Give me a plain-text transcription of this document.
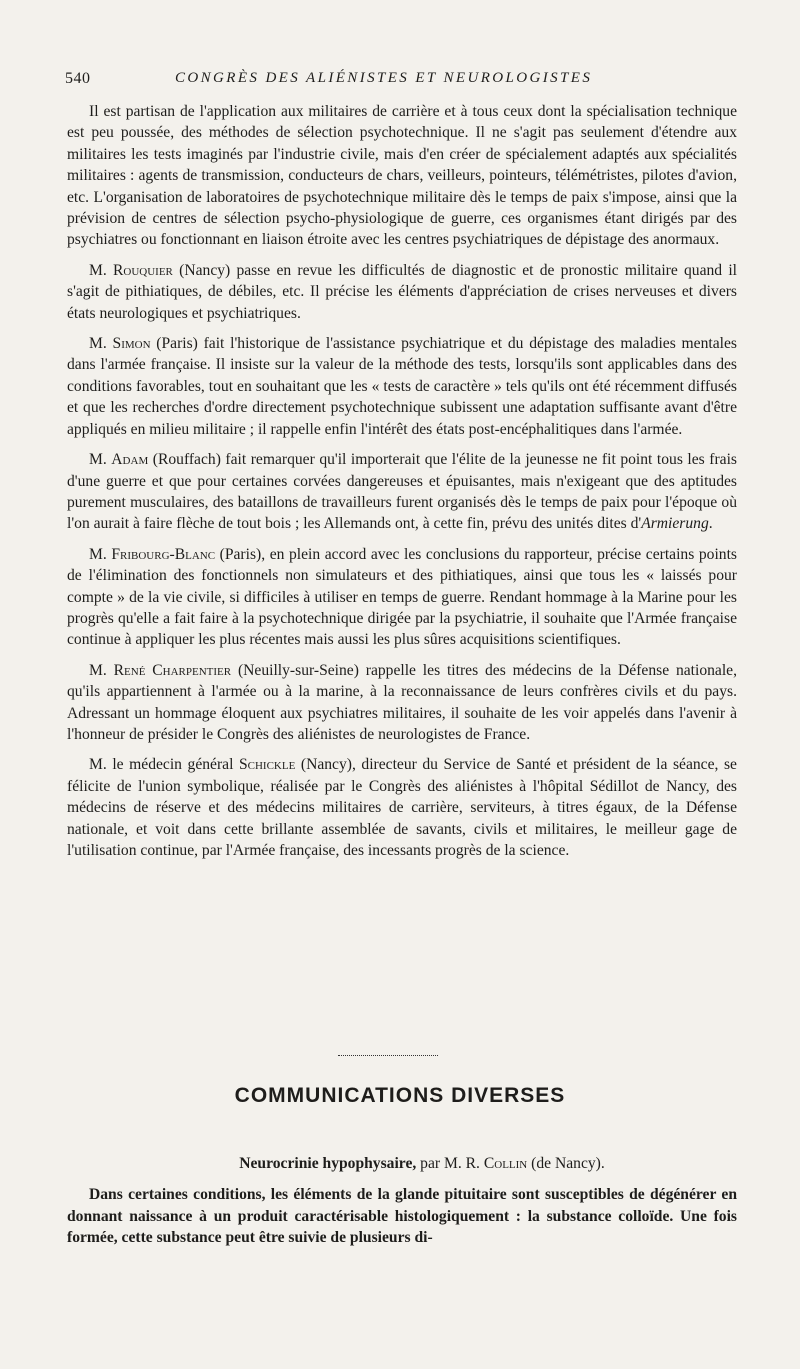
540	CONGRÈS DES ALIÉNISTES ET NEUROLOGISTES

Il est partisan de l'application aux militaires de carrière et à tous ceux dont la spécialisation technique est peu poussée, des méthodes de sélection psychotechnique. Il ne s'agit pas seulement d'étendre aux militaires les tests imaginés par l'industrie civile, mais d'en créer de spécialement adaptés aux spécialités militaires : agents de transmission, conducteurs de chars, veilleurs, pointeurs, télémétristes, pilotes d'avion, etc. L'organisation de laboratoires de psychotechnique militaire dès le temps de paix s'impose, ainsi que la prévision de centres de sélection psycho-physiologique de guerre, ces organismes étant dirigés par des psychiatres ou fonctionnant en liaison étroite avec les centres psychiatriques de dépistage des anormaux.

M. Rouquier (Nancy) passe en revue les difficultés de diagnostic et de pronostic militaire quand il s'agit de pithiatiques, de débiles, etc. Il précise les éléments d'appréciation de crises nerveuses et divers états neurologiques et psychiatriques.

M. Simon (Paris) fait l'historique de l'assistance psychiatrique et du dépistage des maladies mentales dans l'armée française. Il insiste sur la valeur de la méthode des tests, lorsqu'ils sont applicables dans des conditions favorables, tout en souhaitant que les « tests de caractère » tels qu'ils ont été récemment diffusés et que les recherches d'ordre directement psychotechnique subissent une adaptation suffisante avant d'être appliqués en milieu militaire ; il rappelle enfin l'intérêt des états post-encéphalitiques dans l'armée.

M. Adam (Rouffach) fait remarquer qu'il importerait que l'élite de la jeunesse ne fit point tous les frais d'une guerre et que pour certaines corvées dangereuses et épuisantes, mais n'exigeant que des aptitudes purement musculaires, des bataillons de travailleurs furent organisés dès le temps de paix pour l'époque où l'on aurait à faire flèche de tout bois ; les Allemands ont, à cette fin, prévu des unités dites d'Armierung.

M. Fribourg-Blanc (Paris), en plein accord avec les conclusions du rapporteur, précise certains points de l'élimination des fonctionnels non simulateurs et des pithiatiques, ainsi que tous les « laissés pour compte » de la vie civile, si difficiles à utiliser en temps de guerre. Rendant hommage à la Marine pour les progrès qu'elle a fait faire à la psychotechnique dirigée par la psychiatrie, il souhaite que l'Armée française continue à appliquer les plus récentes mais aussi les plus sûres acquisitions scientifiques.

M. René Charpentier (Neuilly-sur-Seine) rappelle les titres des médecins de la Défense nationale, qu'ils appartiennent à l'armée ou à la marine, à la reconnaissance de leurs confrères civils et du pays. Adressant un hommage éloquent aux psychiatres militaires, il souhaite de les voir appelés dans l'avenir à l'honneur de présider le Congrès des aliénistes de neurologistes de France.

M. le médecin général Schickle (Nancy), directeur du Service de Santé et président de la séance, se félicite de l'union symbolique, réalisée par le Congrès des aliénistes à l'hôpital Sédillot de Nancy, des médecins de réserve et des médecins militaires de carrière, serviteurs, à titres égaux, de la Défense nationale, et voit dans cette brillante assemblée de savants, civils et militaires, le meilleur gage de l'utilisation continue, par l'Armée française, des incessants progrès de la science.

COMMUNICATIONS DIVERSES
Neurocrinie hypophysaire, par M. R. Collin (de Nancy).

Dans certaines conditions, les éléments de la glande pituitaire sont susceptibles de dégénérer en donnant naissance à un produit caractérisable histologiquement : la substance colloïde. Une fois formée, cette substance peut être suivie de plusieurs di-
